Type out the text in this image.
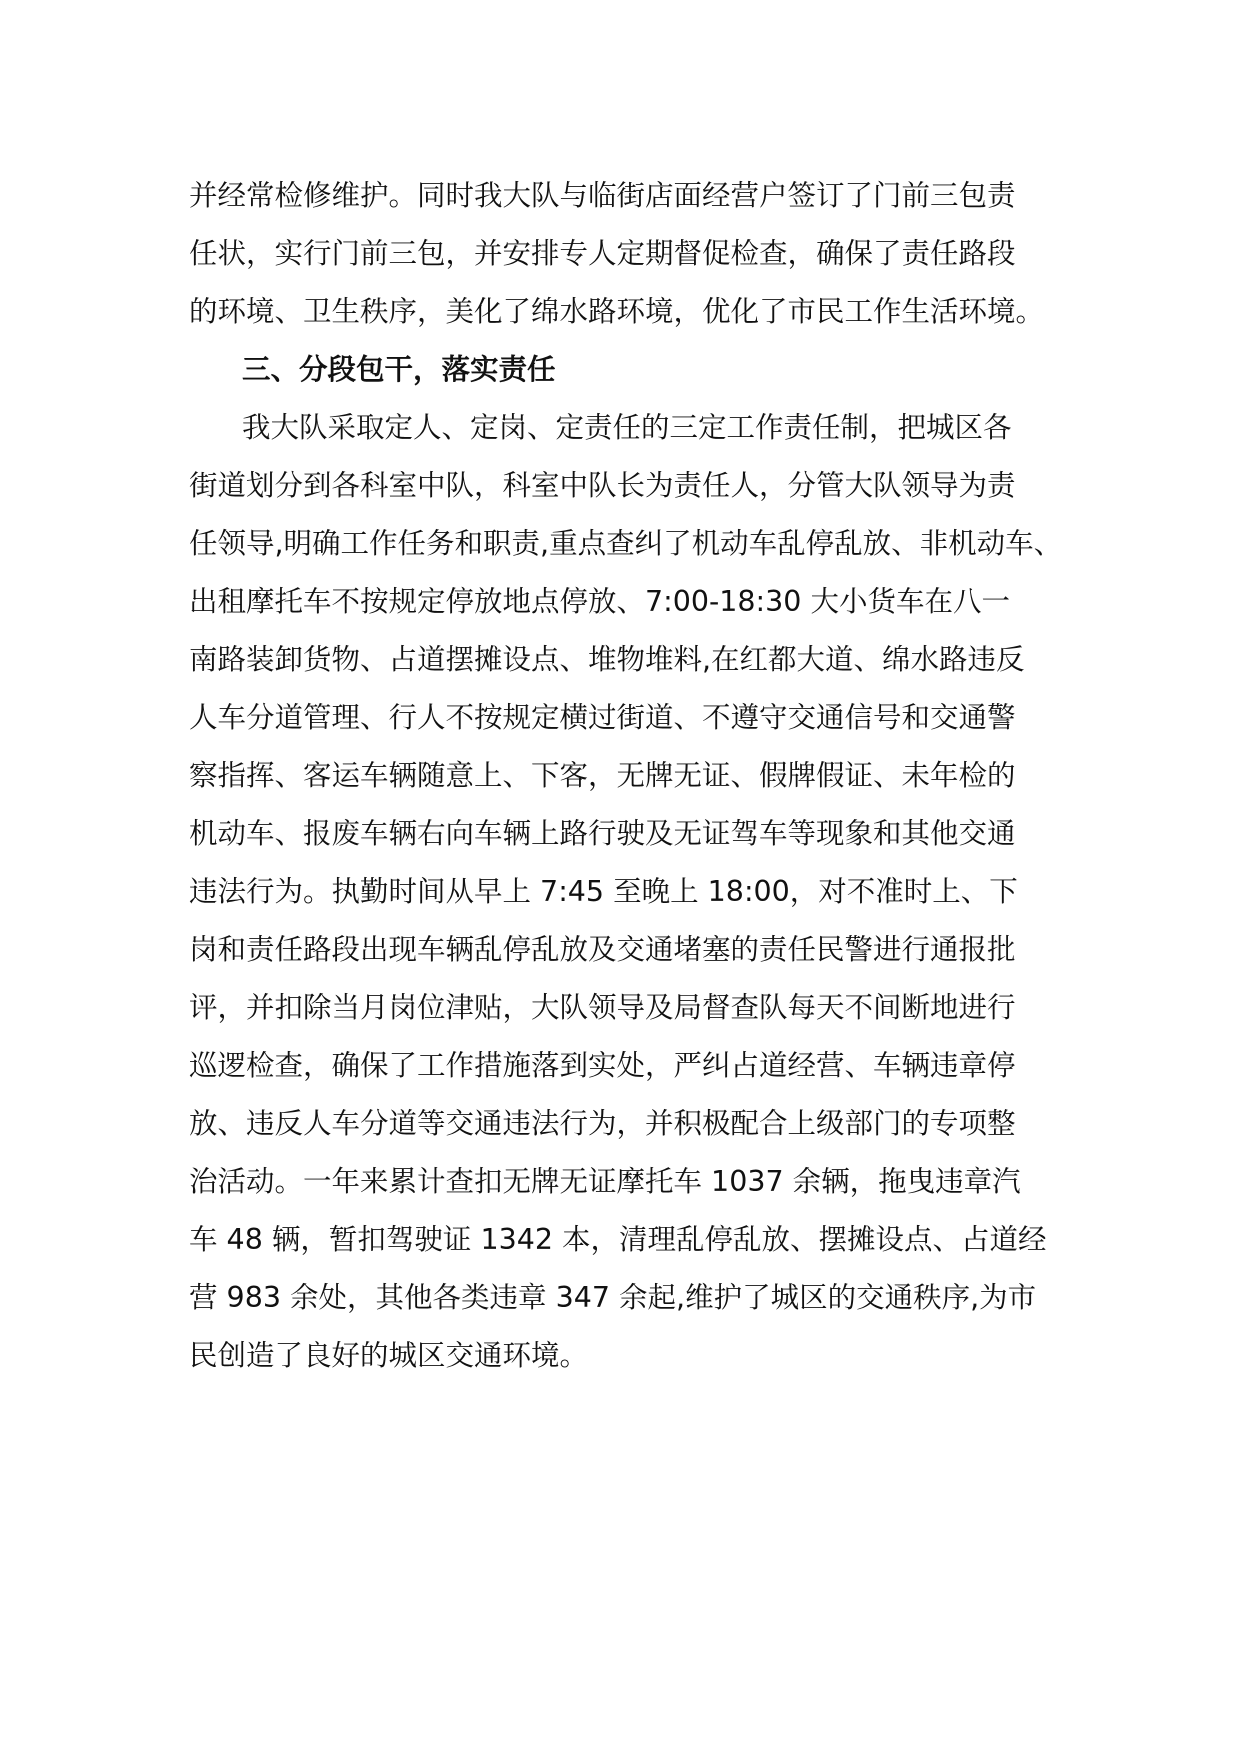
并经常检修维护。同时我大队与临街店面经营户签订了门前三包责
任状，实行门前三包，并安排专人定期督促检查，确保了责任路段
的环境、卫生秩序，美化了绵水路环境，优化了市民工作生活环境。
三、分段包干，落实责任
我大队采取定人、定岗、定责任的三定工作责任制，把城区各
街道划分到各科室中队，科室中队长为责任人，分管大队领导为责
任领导,明确工作任务和职责,重点查纠了机动车乱停乱放、非机动车、
出租摩托车不按规定停放地点停放、7:00-18:30 大小货车在八一
南路装卸货物、占道摆摊设点、堆物堆料,在红都大道、绵水路违反
人车分道管理、行人不按规定横过街道、不遵守交通信号和交通警
察指挥、客运车辆随意上、下客，无牌无证、假牌假证、未年检的
机动车、报废车辆右向车辆上路行驶及无证驾车等现象和其他交通
违法行为。执勤时间从早上 7:45 至晚上 18:00，对不准时上、下
岗和责任路段出现车辆乱停乱放及交通堵塞的责任民警进行通报批
评，并扣除当月岗位津贴，大队领导及局督查队每天不间断地进行
巡逻检查，确保了工作措施落到实处，严纠占道经营、车辆违章停
放、违反人车分道等交通违法行为，并积极配合上级部门的专项整
治活动。一年来累计查扣无牌无证摩托车 1037 余辆，拖曳违章汽
车 48 辆，暂扣驾驶证 1342 本，清理乱停乱放、摆摊设点、占道经
营 983 余处，其他各类违章 347 余起,维护了城区的交通秩序,为市
民创造了良好的城区交通环境。
